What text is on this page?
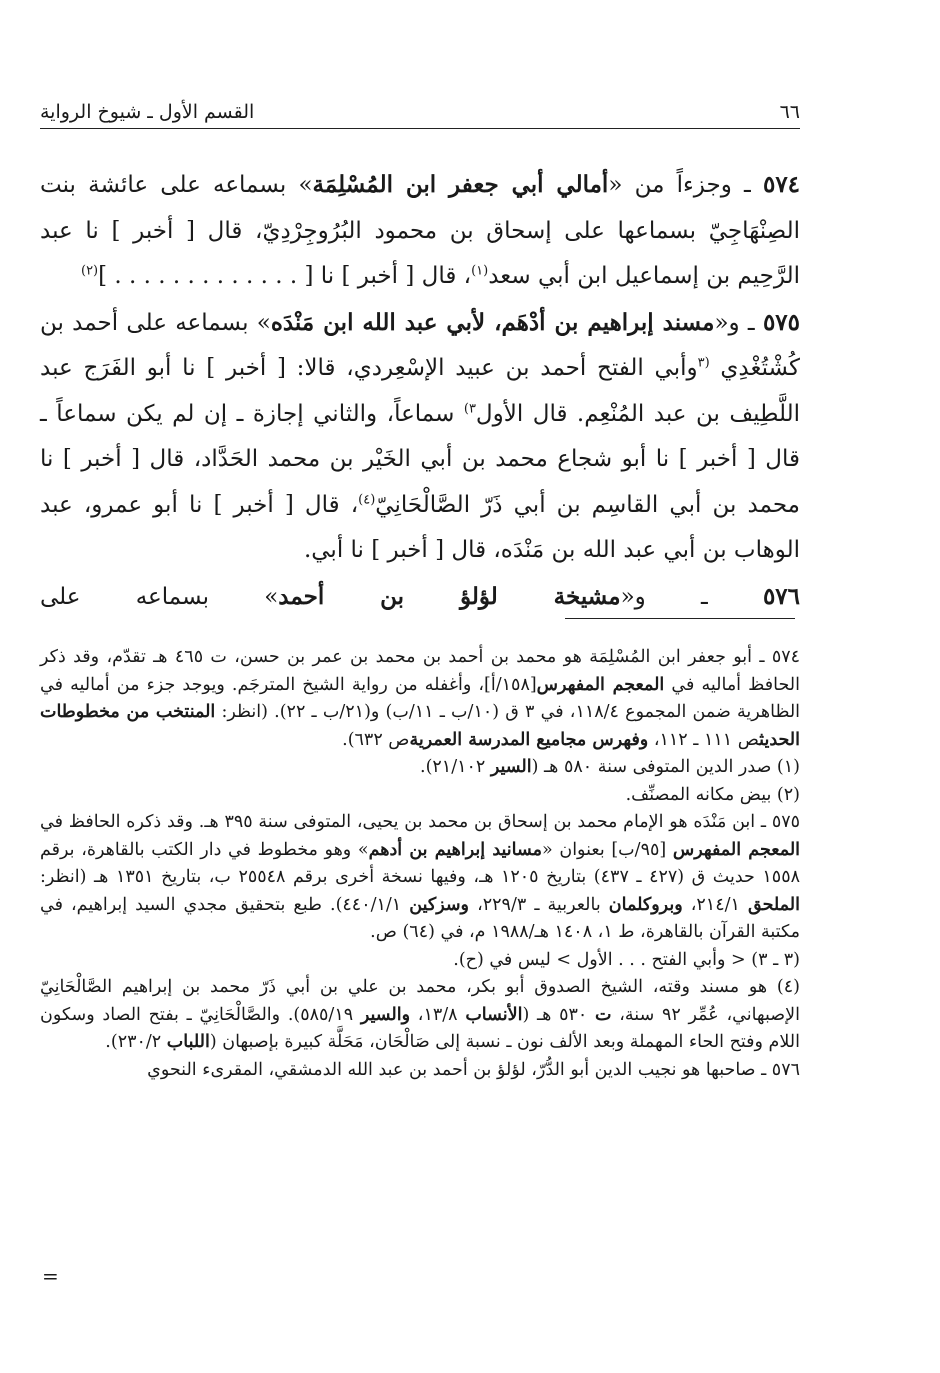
٦٦
القسم الأول ـ شيوخ الرواية

٥٧٤ ـ وجزءاً من «أمالي أبي جعفر ابن المُسْلِمَة» بسماعه على عائشة بنت الصِنْهَاجِيّ بسماعها على إسحاق بن محمود البُرُوجِرْدِيّ، قال [ أخبر ] نا عبد الرَّحِيم بن إسماعيل ابن أبي سعد$^{(١)}$، قال [ أخبر ] نا [ . . . . . . . . . . . . . ]$^{(٢)}$

٥٧٥ ـ و«مسند إبراهيم بن أدْهَم، لأبي عبد الله ابن مَنْدَه» بسماعه على أحمد بن كُشْتُغْدِي $^{(٣}$وأبي الفتح أحمد بن عبيد الإسْعِردي، قالا: [ أخبر ] نا أبو الفَرَج عبد اللَّطِيف بن عبد المُنْعِم. قال الأول$^{٣)}$ سماعاً، والثاني إجازة ـ إن لم يكن سماعاً ـ قال [ أخبر ] نا أبو شجاع محمد بن أبي الخَيْر بن محمد الحَدَّاد، قال [ أخبر ] نا محمد بن أبي القاسِم بن أبي ذَرّ الصَّالْحَانِيّ$^{(٤)}$، قال [ أخبر ] نا أبو عمرو، عبد الوهاب بن أبي عبد الله بن مَنْدَه، قال [ أخبر ] نا أبي.

٥٧٦ ـ و«مشيخة لؤلؤ بن أحمد» بسماعه على

٥٧٤ ـ أبو جعفر ابن المُسْلِمَة هو محمد بن أحمد بن محمد بن عمر بن حسن، ت ٤٦٥ هـ تقدّم، وقد ذكر الحافظ أماليه في المعجم المفهرس[١٥٨/أ]، وأغفله من رواية الشيخ المترجَم. ويوجد جزء من أماليه في الظاهرية ضمن المجموع ١١٨/٤، في ٣ ق (١٠/ب ـ ١١/ب) و(٢١/ب ـ ٢٢). (انظر: المنتخب من مخطوطات الحديثص ١١١ ـ ١١٢، وفهرس مجاميع المدرسة العمريةص ٦٣٢).

(١) صدر الدين المتوفى سنة ٥٨٠ هـ (السير ٢١/١٠٢).

(٢) بيض مكانه المصنِّف.

٥٧٥ ـ ابن مَنْدَه هو الإمام محمد بن إسحاق بن محمد بن يحيى، المتوفى سنة ٣٩٥ هـ. وقد ذكره الحافظ في المعجم المفهرس [٩٥/ب] بعنوان «مسانيد إبراهيم بن أدهم» وهو مخطوط في دار الكتب بالقاهرة، برقم ١٥٥٨ حديث ق (٤٢٧ ـ ٤٣٧) بتاريخ ١٢٠٥ هـ، وفيها نسخة أخرى برقم ٢٥٥٤٨ ب، بتاريخ ١٣٥١ هـ (انظر: الملحق ٢١٤/١، وبروكلمان بالعربية ـ ٢٢٩/٣، وسزكين ٤٤٠/١/١). طبع بتحقيق مجدي السيد إبراهيم، في مكتبة القرآن بالقاهرة، ط ١، ١٤٠٨ هـ/١٩٨٨ م، في (٦٤) ص.

(٣ ـ ٣) < وأبي الفتح . . . الأول > ليس في (ح).

(٤) هو مسند وقته، الشيخ الصدوق أبو بكر، محمد بن علي بن أبي ذَرّ محمد بن إبراهيم الصَّالْحَانِيّ الإصبهاني، عُمِّر ٩٢ سنة، ت ٥٣٠ هـ (الأنساب ١٣/٨، والسير ٥٨٥/١٩). والصَّالْحَانِيّ ـ بفتح الصاد وسكون اللام وفتح الحاء المهملة وبعد الألف نون ـ نسبة إلى صَالْحَان، مَحَلَّة كبيرة بإصبهان (اللباب ٢٣٠/٢).

٥٧٦ ـ صاحبها هو نجيب الدين أبو الدُّرّ، لؤلؤ بن أحمد بن عبد الله الدمشقي، المقرىء النحوي

=
